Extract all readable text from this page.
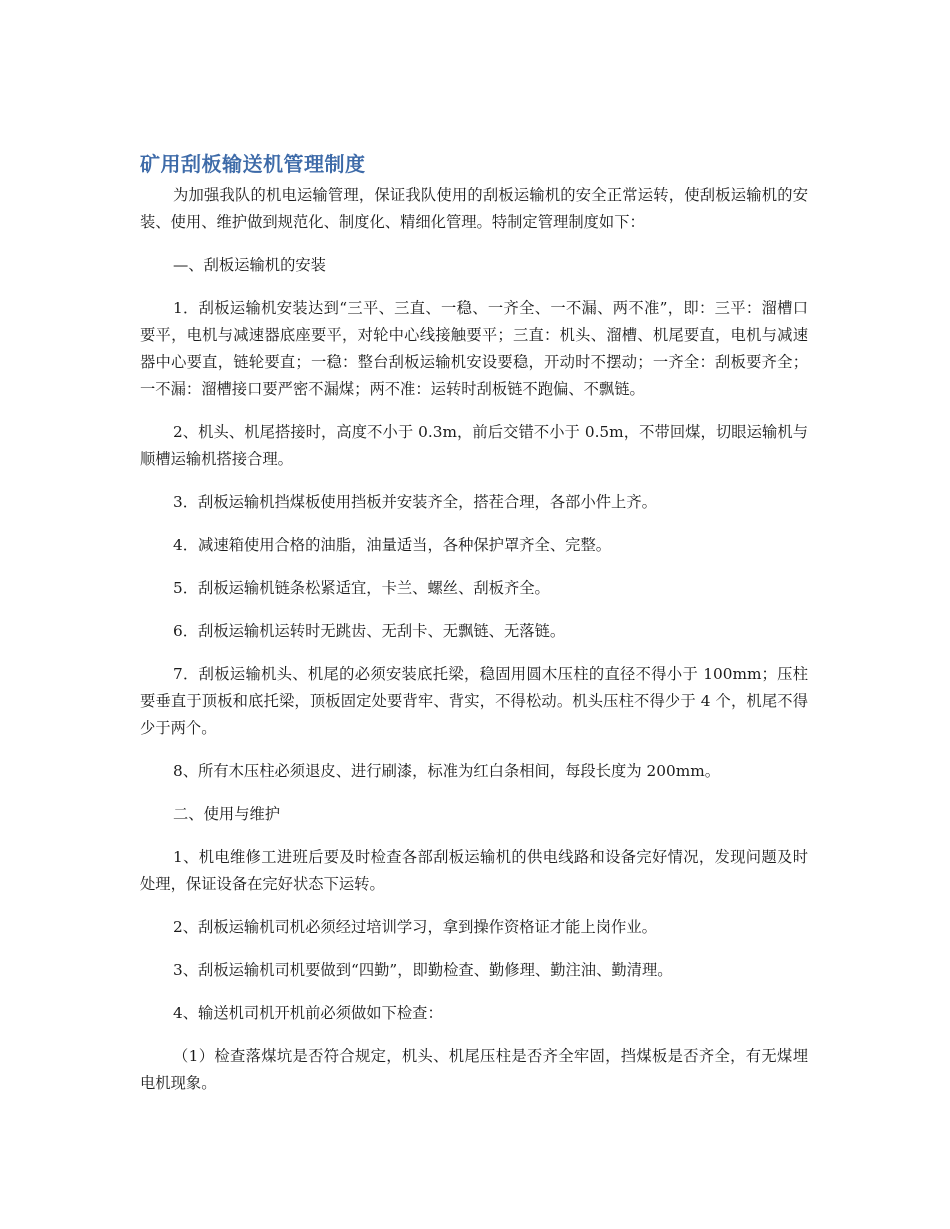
矿用刮板输送机管理制度

为加强我队的机电运输管理，保证我队使用的刮板运输机的安全正常运转，使刮板运输机的安装、使用、维护做到规范化、制度化、精细化管理。特制定管理制度如下：

—、刮板运输机的安装

1．刮板运输机安装达到“三平、三直、一稳、一齐全、一不漏、两不准”，即：三平：溜槽口要平，电机与减速器底座要平，对轮中心线接触要平；三直：机头、溜槽、机尾要直，电机与减速器中心要直，链轮要直；一稳：整台刮板运输机安设要稳，开动时不摆动；一齐全：刮板要齐全；一不漏：溜槽接口要严密不漏煤；两不准：运转时刮板链不跑偏、不飘链。

2、机头、机尾搭接时，高度不小于 0.3m，前后交错不小于 0.5m，不带回煤，切眼运输机与顺槽运输机搭接合理。

3．刮板运输机挡煤板使用挡板并安装齐全，搭茬合理，各部小件上齐。

4．减速箱使用合格的油脂，油量适当，各种保护罩齐全、完整。

5．刮板运输机链条松紧适宜，卡兰、螺丝、刮板齐全。

6．刮板运输机运转时无跳齿、无刮卡、无飘链、无落链。

7．刮板运输机头、机尾的必须安装底托梁，稳固用圆木压柱的直径不得小于 100mm；压柱要垂直于顶板和底托梁，顶板固定处要背牢、背实，不得松动。机头压柱不得少于 4 个，机尾不得少于两个。

8、所有木压柱必须退皮、进行刷漆，标准为红白条相间，每段长度为 200mm。

二、使用与维护

1、机电维修工进班后要及时检查各部刮板运输机的供电线路和设备完好情况，发现问题及时处理，保证设备在完好状态下运转。

2、刮板运输机司机必须经过培训学习，拿到操作资格证才能上岗作业。

3、刮板运输机司机要做到“四勤”，即勤检查、勤修理、勤注油、勤清理。

4、输送机司机开机前必须做如下检查：

（1）检查落煤坑是否符合规定，机头、机尾压柱是否齐全牢固，挡煤板是否齐全，有无煤埋电机现象。
